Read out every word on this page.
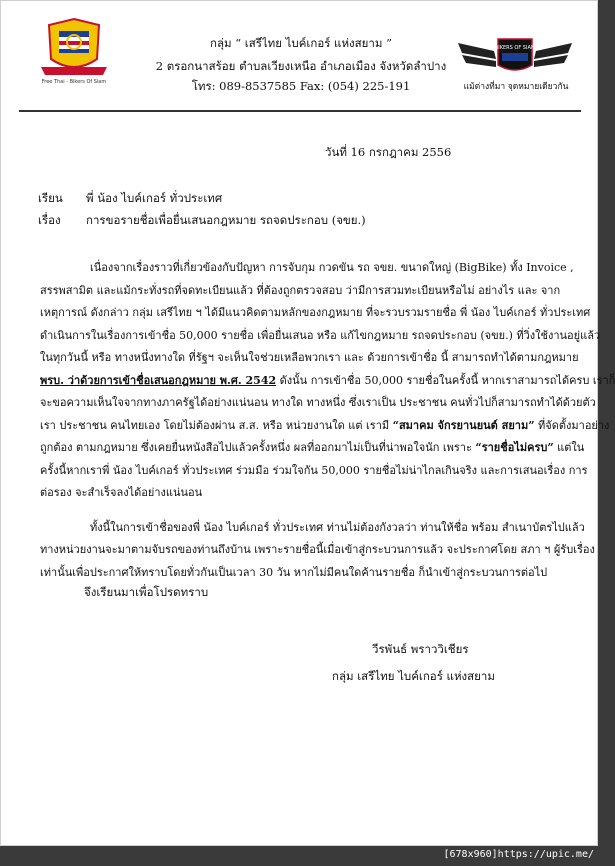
Free Thai - Bikers Of Siam
BIKERS OF SIAM
แม้ต่างที่มา จุดหมายเดียวกัน
กลุ่ม “ เสรีไทย ไบค์เกอร์ แห่งสยาม ”
2 ตรอกนาสร้อย ตำบลเวียงเหนือ อำเภอเมือง จังหวัดลำปาง
โทร: 089-8537585 Fax: (054) 225-191
วันที่ 16 กรกฎาคม 2556
เรียน พี่ น้อง ไบค์เกอร์ ทั่วประเทศ
เรื่อง การขอรายชื่อเพื่อยื่นเสนอกฎหมาย รถจดประกอบ (จขย.)
เนื่องจากเรื่องราวที่เกี่ยวข้องกับปัญหา การจับกุม กวดขัน รถ จขย. ขนาดใหญ่ (BigBike) ทั้ง Invoice ,
สรรพสามิต และแม้กระทั่งรถที่จดทะเบียนแล้ว ที่ต้องถูกตรวจสอบ ว่ามีการสวมทะเบียนหรือไม่ อย่างไร และ จาก
เหตุการณ์ ดังกล่าว กลุ่ม เสรีไทย ฯ ได้มีแนวคิดตามหลักของกฎหมาย ที่จะรวบรวมรายชื่อ พี่ น้อง ไบค์เกอร์ ทั่วประเทศ
ดำเนินการในเรื่องการเข้าชื่อ 50,000 รายชื่อ เพื่อยื่นเสนอ หรือ แก้ไขกฎหมาย รถจดประกอบ (จขย.) ที่วิ่งใช้งานอยู่แล้ว
ในทุกวันนี้ หรือ ทางหนึ่งทางใด ที่รัฐฯ จะเห็นใจช่วยเหลือพวกเรา และ ด้วยการเข้าชื่อ นี้ สามารถทำได้ตามกฎหมาย
พรบ. ว่าด้วยการเข้าชื่อเสนอกฎหมาย พ.ศ. 2542 ดังนั้น การเข้าชื่อ 50,000 รายชื่อในครั้งนี้ หากเราสามารถได้ครบ เราก็
จะขอความเห็นใจจากทางภาครัฐได้อย่างแน่นอน ทางใด ทางหนึ่ง ซึ่งเราเป็น ประชาชน คนทั่วไปก็สามารถทำได้ด้วยตัว
เรา ประชาชน คนไทยเอง โดยไม่ต้องผ่าน ส.ส. หรือ หน่วยงานใด แต่ เรามี “สมาคม จักรยานยนต์ สยาม” ที่จัดตั้งมาอย่าง
ถูกต้อง ตามกฎหมาย ซึ่งเคยยื่นหนังสือไปแล้วครั้งหนึ่ง ผลที่ออกมาไม่เป็นที่น่าพอใจนัก เพราะ “รายชื่อไม่ครบ” แต่ใน
ครั้งนี้หากเราพี่ น้อง ไบค์เกอร์ ทั่วประเทศ ร่วมมือ ร่วมใจกัน 50,000 รายชื่อไม่น่าไกลเกินจริง และการเสนอเรื่อง การ
ต่อรอง จะสำเร็จลงได้อย่างแน่นอน
ทั้งนี้ในการเข้าชื่อของพี่ น้อง ไบค์เกอร์ ทั่วประเทศ ท่านไม่ต้องกังวลว่า ท่านให้ชื่อ พร้อม สำเนาบัตรไปแล้ว
ทางหน่วยงานจะมาตามจับรถของท่านถึงบ้าน เพราะรายชื่อนี้เมื่อเข้าสู่กระบวนการแล้ว จะประกาศโดย สภา ฯ ผู้รับเรื่อง
เท่านั้นเพื่อประกาศให้ทราบโดยทั่วกันเป็นเวลา 30 วัน หากไม่มีคนใดค้านรายชื่อ ก็นำเข้าสู่กระบวนการต่อไป
จึงเรียนมาเพื่อโปรดทราบ
วีรพันธ์ พราววิเชียร
กลุ่ม เสรีไทย ไบค์เกอร์ แห่งสยาม
[678x960]https://upic.me/
